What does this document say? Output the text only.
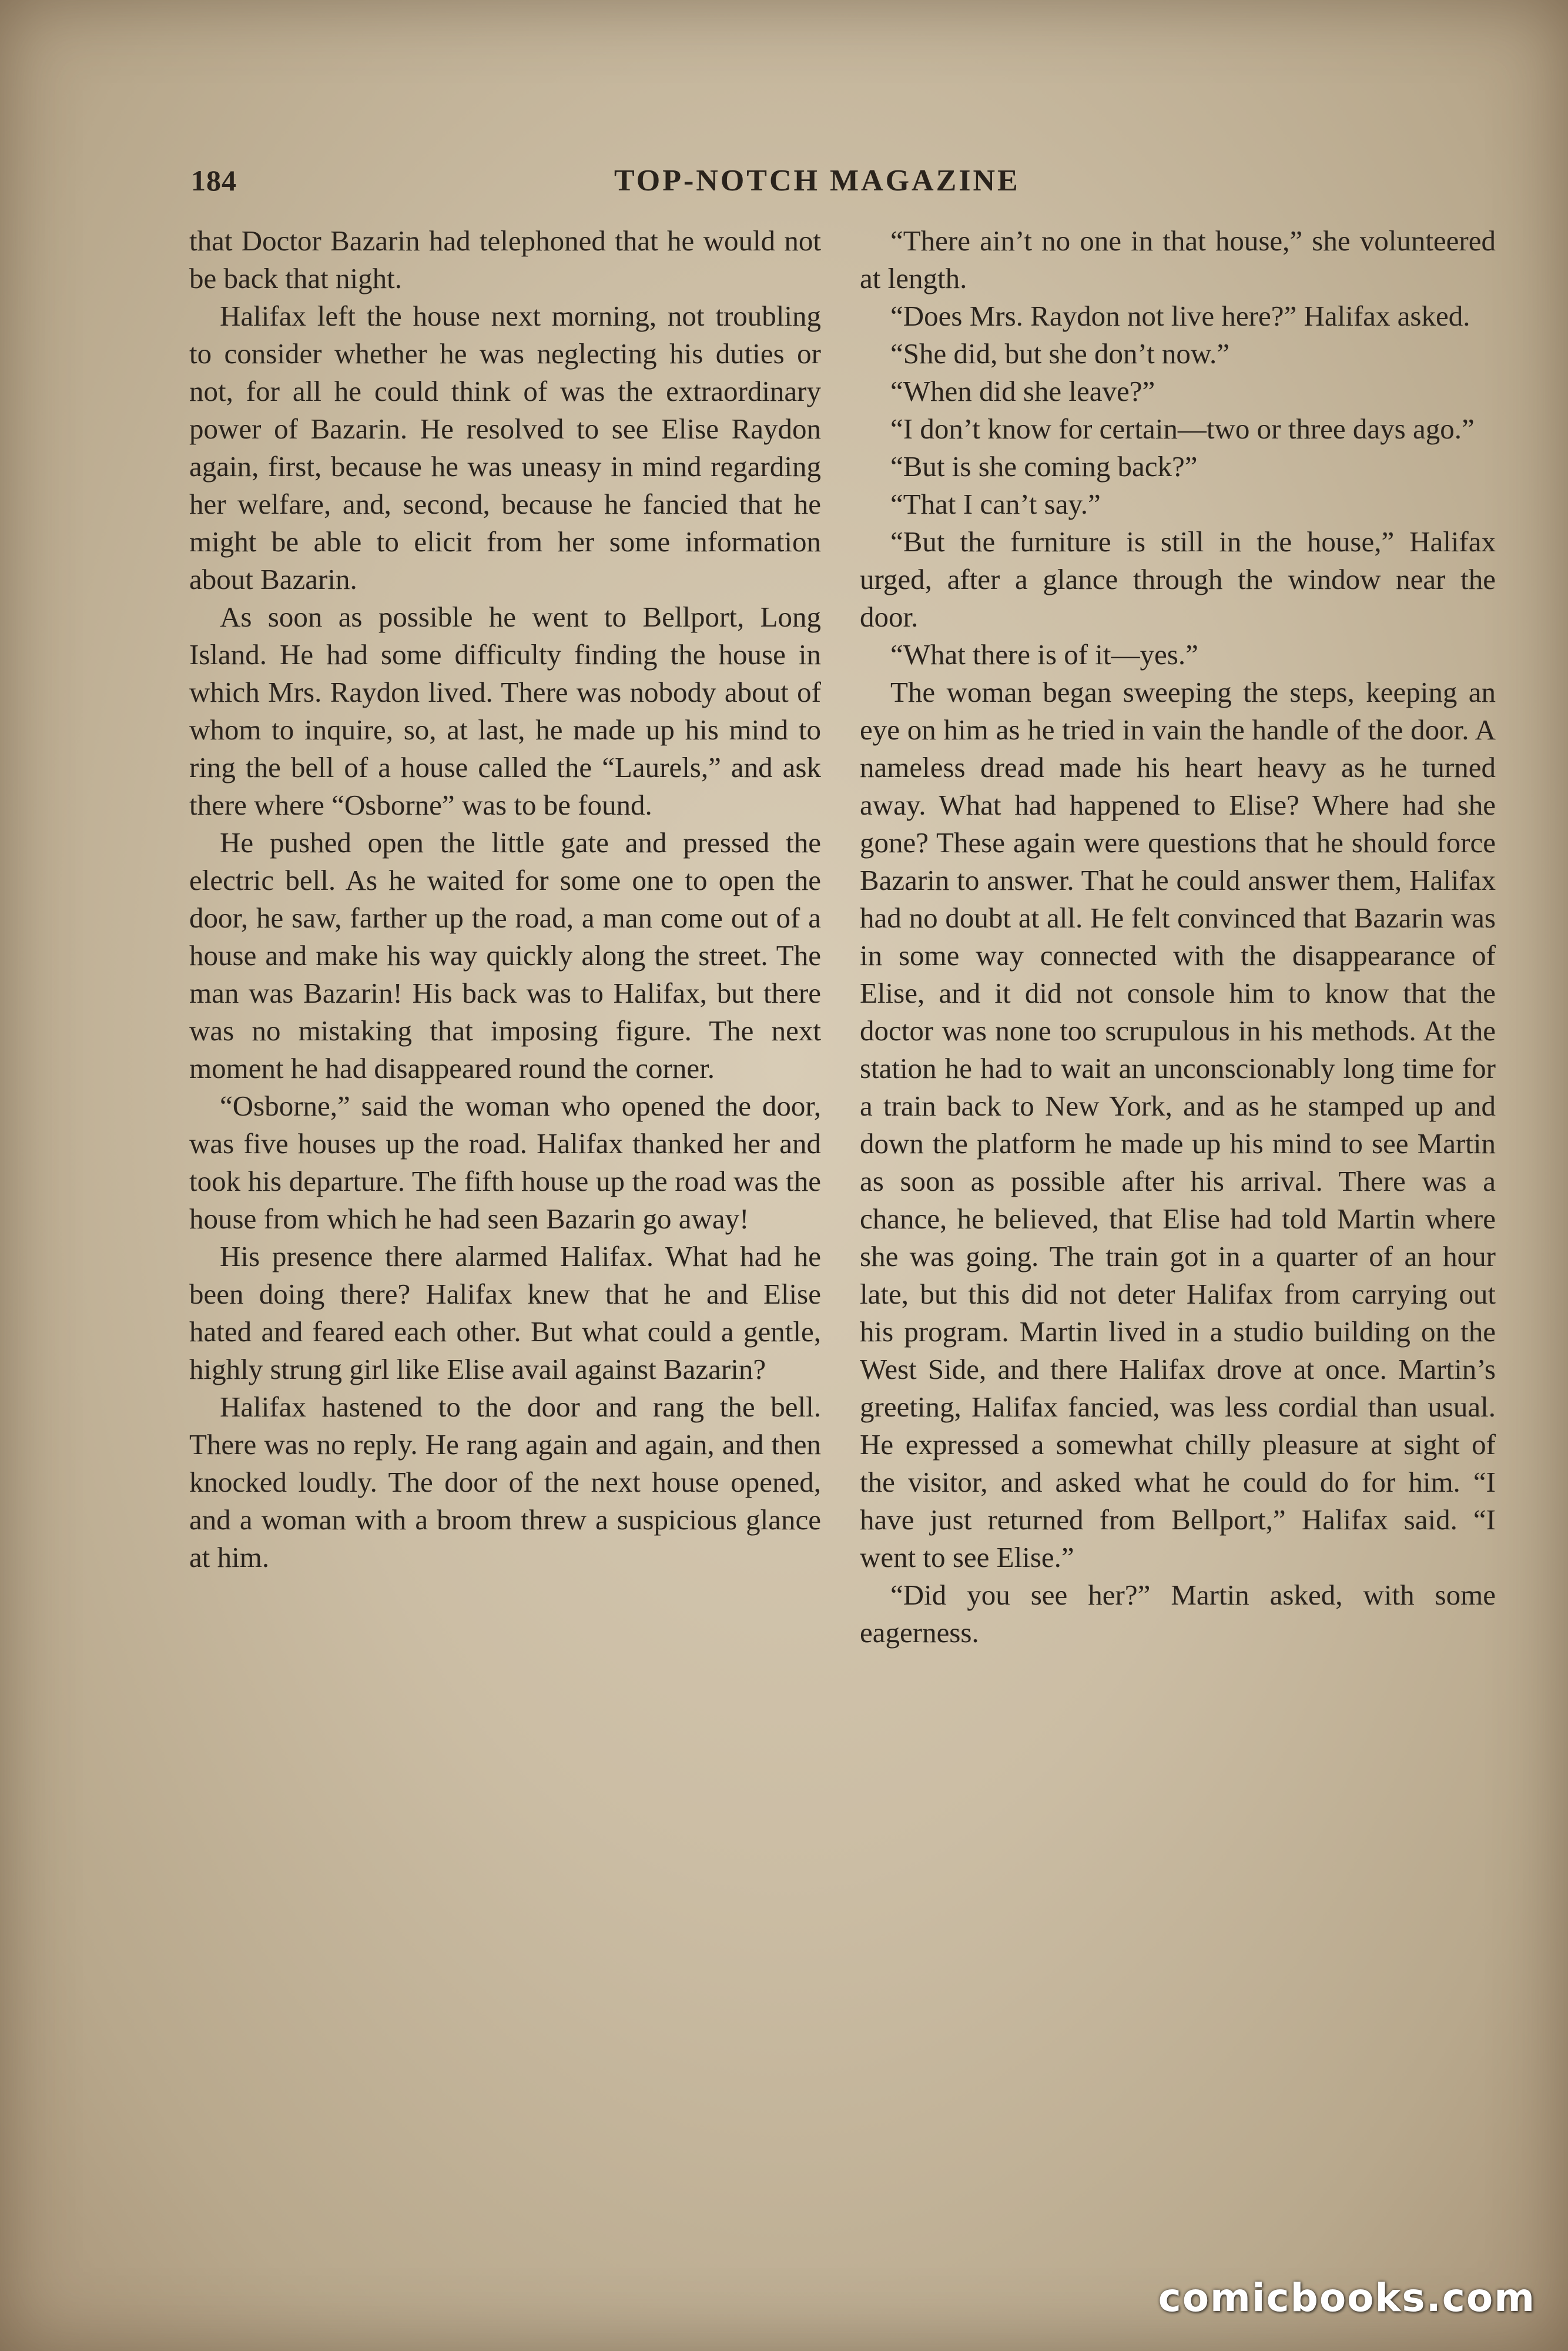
184	TOP-NOTCH MAGAZINE

that Doctor Bazarin had telephoned that he would not be back that night.

Halifax left the house next morning, not troubling to consider whether he was neglecting his duties or not, for all he could think of was the extraordinary power of Bazarin. He resolved to see Elise Raydon again, first, because he was uneasy in mind regarding her welfare, and, second, because he fancied that he might be able to elicit from her some information about Bazarin.

As soon as possible he went to Bellport, Long Island. He had some difficulty finding the house in which Mrs. Raydon lived. There was nobody about of whom to inquire, so, at last, he made up his mind to ring the bell of a house called the “Laurels,” and ask there where “Osborne” was to be found.

He pushed open the little gate and pressed the electric bell. As he waited for some one to open the door, he saw, farther up the road, a man come out of a house and make his way quickly along the street. The man was Bazarin! His back was to Halifax, but there was no mistaking that imposing figure. The next moment he had disappeared round the corner.

“Osborne,” said the woman who opened the door, was five houses up the road. Halifax thanked her and took his departure. The fifth house up the road was the house from which he had seen Bazarin go away!

His presence there alarmed Halifax. What had he been doing there? Halifax knew that he and Elise hated and feared each other. But what could a gentle, highly strung girl like Elise avail against Bazarin?

Halifax hastened to the door and rang the bell. There was no reply. He rang again and again, and then knocked loudly. The door of the next house opened, and a woman with a broom threw a suspicious glance at him.

“There ain’t no one in that house,” she volunteered at length.

“Does Mrs. Raydon not live here?” Halifax asked.

“She did, but she don’t now.”

“When did she leave?”

“I don’t know for certain—two or three days ago.”

“But is she coming back?”

“That I can’t say.”

“But the furniture is still in the house,” Halifax urged, after a glance through the window near the door.

“What there is of it—yes.”

The woman began sweeping the steps, keeping an eye on him as he tried in vain the handle of the door. A nameless dread made his heart heavy as he turned away. What had happened to Elise? Where had she gone? These again were questions that he should force Bazarin to answer. That he could answer them, Halifax had no doubt at all. He felt convinced that Bazarin was in some way connected with the disappearance of Elise, and it did not console him to know that the doctor was none too scrupulous in his methods. At the station he had to wait an unconscionably long time for a train back to New York, and as he stamped up and down the platform he made up his mind to see Martin as soon as possible after his arrival. There was a chance, he believed, that Elise had told Martin where she was going. The train got in a quarter of an hour late, but this did not deter Halifax from carrying out his program. Martin lived in a studio building on the West Side, and there Halifax drove at once. Martin’s greeting, Halifax fancied, was less cordial than usual. He expressed a somewhat chilly pleasure at sight of the visitor, and asked what he could do for him. “I have just returned from Bellport,” Halifax said. “I went to see Elise.”

“Did you see her?” Martin asked, with some eagerness.

comicbooks.com
